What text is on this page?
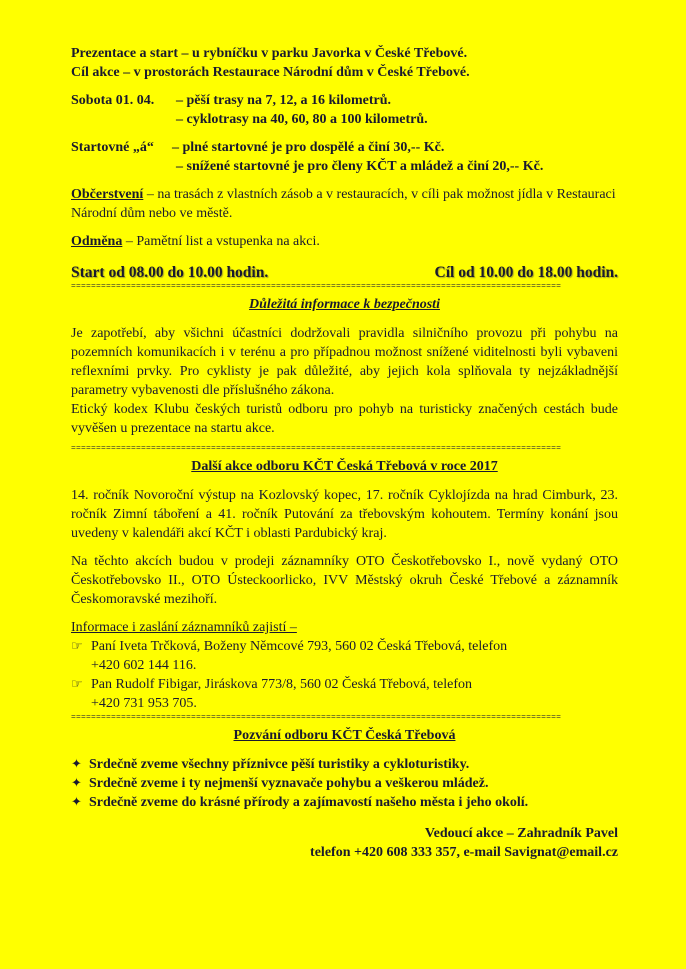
Prezentace a start – u rybníčku v parku Javorka v České Třebové.

Cíl akce – v prostorách Restaurace Národní dům v České Třebové.

Sobota 01. 04.	– pěší trasy na 7, 12, a 16 kilometrů.
– cyklotrasy na 40, 60, 80 a 100 kilometrů.
Startovné „á“	– plné startovné je pro dospělé a činí 30,-- Kč.
– snížené startovné je pro členy KČT a mládež a činí 20,-- Kč.

Občerstvení – na trasách z vlastních zásob a v restauracích, v cíli pak možnost jídla v Restauraci Národní dům nebo ve městě.

Odměna – Pamětní list a vstupenka na akci.

Start od 08.00 do 10.00 hodin.	Cíl od 10.00 do 18.00 hodin.
==================================================================================================

Důležitá informace k bezpečnosti

Je zapotřebí, aby všichni účastníci dodržovali pravidla silničního provozu při pohybu na pozemních komunikacích i v terénu a pro případnou možnost snížené viditelnosti byli vybaveni reflexními prvky. Pro cyklisty je pak důležité, aby jejich kola splňovala ty nejzákladnější parametry vybavenosti dle příslušného zákona.

Etický kodex Klubu českých turistů odboru pro pohyb na turisticky značených cestách bude vyvěšen u prezentace na startu akce.

==================================================================================================

Další akce odboru KČT Česká Třebová v roce 2017

14. ročník Novoroční výstup na Kozlovský kopec, 17. ročník Cyklojízda na hrad Cimburk, 23. ročník Zimní táboření a 41. ročník Putování za třebovským kohoutem. Termíny konání jsou uvedeny v kalendáři akcí KČT i oblasti Pardubický kraj.

Na těchto akcích budou v prodeji záznamníky OTO Českotřebovsko I., nově vydaný OTO Českotřebovsko II., OTO Ústeckoorlicko, IVV Městský okruh České Třebové a záznamník Českomoravské mezihoří.

Informace i zaslání záznamníků zajistí –

☞ Paní Iveta Trčková, Boženy Němcové 793, 560 02 Česká Třebová, telefon

+420 602 144 116.

☞ Pan Rudolf Fibigar, Jiráskova 773/8, 560 02 Česká Třebová, telefon

+420 731 953 705.

==================================================================================================

Pozvání odboru KČT Česká Třebová

✦ Srdečně zveme všechny příznivce pěší turistiky a cykloturistiky.
✦ Srdečně zveme i ty nejmenší vyznavače pohybu a veškerou mládež.
✦ Srdečně zveme do krásné přírody a zajímavostí našeho města i jeho okolí.

Vedoucí akce – Zahradník Pavel

telefon +420 608 333 357, e-mail Savignat@email.cz
